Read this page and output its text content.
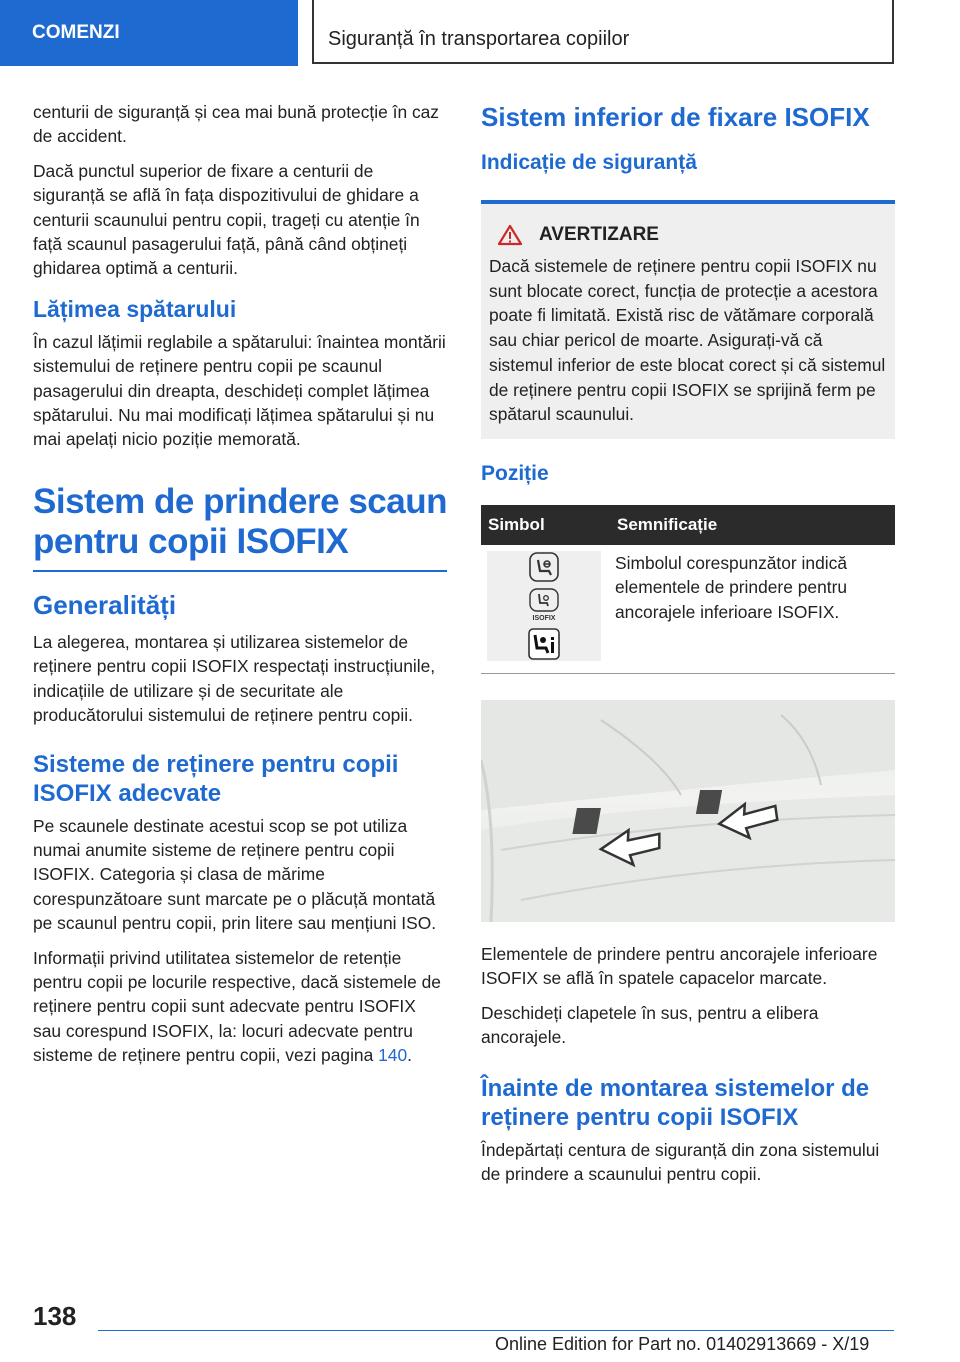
COMENZI	Siguranță în transportarea copiilor

centurii de siguranță și cea mai bună protecție în caz de accident.

Dacă punctul superior de fixare a centurii de siguranță se află în fața dispozitivului de ghidare a centurii scaunului pentru copii, trageți cu atenție în față scaunul pasagerului față, până când obțineți ghidarea optimă a centurii.

Lățimea spătarului

În cazul lățimii reglabile a spătarului: înaintea montării sistemului de reținere pentru copii pe scaunul pasagerului din dreapta, deschideți complet lățimea spătarului. Nu mai modificați lățimea spătarului și nu mai apelați nicio poziție memorată.

Sistem de prindere scaun pentru copii ISOFIX
Generalități

La alegerea, montarea și utilizarea sistemelor de reținere pentru copii ISOFIX respectați instrucțiunile, indicațiile de utilizare și de securitate ale producătorului sistemului de reținere pentru copii.

Sisteme de reținere pentru copii ISOFIX adecvate

Pe scaunele destinate acestui scop se pot utiliza numai anumite sisteme de reținere pentru copii ISOFIX. Categoria și clasa de mărime corespunzătoare sunt marcate pe o plăcuță montată pe scaunul pentru copii, prin litere sau mențiuni ISO.

Informații privind utilitatea sistemelor de retenție pentru copii pe locurile respective, dacă sistemele de reținere pentru copii sunt adecvate pentru ISOFIX sau corespund ISOFIX, la: locuri adecvate pentru sisteme de reținere pentru copii, vezi pagina 140.

Sistem inferior de fixare ISOFIX
Indicație de siguranță
AVERTIZARE

Dacă sistemele de reținere pentru copii ISOFIX nu sunt blocate corect, funcția de protecție a acestora poate fi limitată. Există risc de vătămare corporală sau chiar pericol de moarte. Asigurați-vă că sistemul inferior de este blocat corect și că sistemul de reținere pentru copii ISOFIX se sprijină ferm pe spătarul scaunului.

Poziție
Simbol	Semnificație

ISOFIX	Simbolul corespunzător indică elementele de prindere pentru ancorajele inferioare ISOFIX.

Elementele de prindere pentru ancorajele inferioare ISOFIX se află în spatele capacelor marcate.

Deschideți clapetele în sus, pentru a elibera ancorajele.

Înainte de montarea sistemelor de reținere pentru copii ISOFIX

Îndepărtați centura de siguranță din zona sistemului de prindere a scaunului pentru copii.

138
Online Edition for Part no. 01402913669 - X/19
